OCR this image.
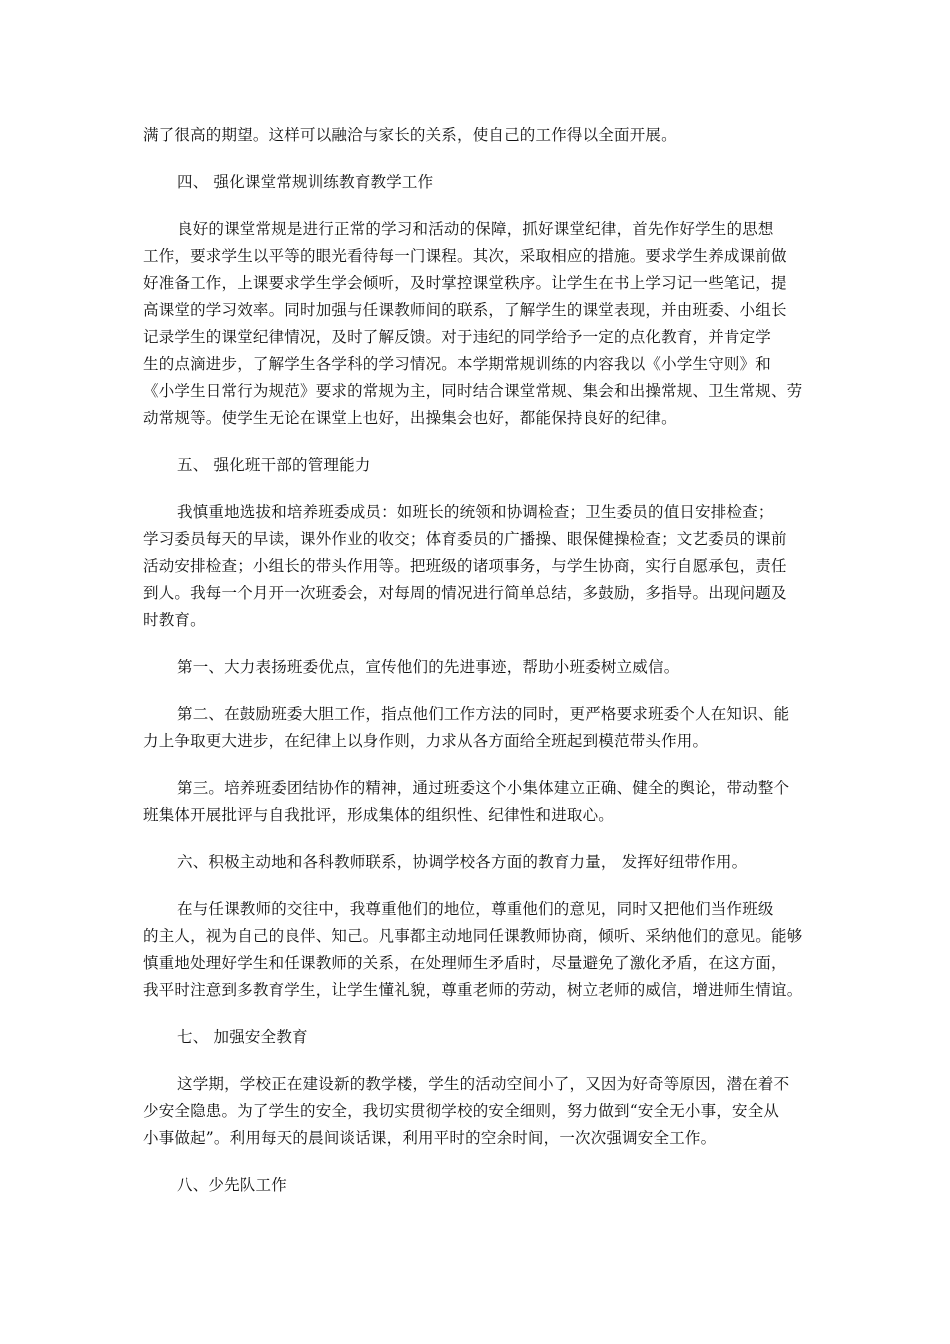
满了很高的期望。这样可以融洽与家长的关系，使自己的工作得以全面开展。
四、 强化课堂常规训练教育教学工作
良好的课堂常规是进行正常的学习和活动的保障，抓好课堂纪律，首先作好学生的思想
工作，要求学生以平等的眼光看待每一门课程。其次，采取相应的措施。要求学生养成课前做
好准备工作，上课要求学生学会倾听，及时掌控课堂秩序。让学生在书上学习记一些笔记，提
高课堂的学习效率。同时加强与任课教师间的联系，了解学生的课堂表现，并由班委、小组长
记录学生的课堂纪律情况，及时了解反馈。对于违纪的同学给予一定的点化教育，并肯定学
生的点滴进步，了解学生各学科的学习情况。本学期常规训练的内容我以《小学生守则》和
《小学生日常行为规范》要求的常规为主，同时结合课堂常规、集会和出操常规、卫生常规、劳
动常规等。使学生无论在课堂上也好，出操集会也好，都能保持良好的纪律。
五、 强化班干部的管理能力
我慎重地选拔和培养班委成员：如班长的统领和协调检查；卫生委员的值日安排检查；
学习委员每天的早读，课外作业的收交；体育委员的广播操、眼保健操检查；文艺委员的课前
活动安排检查；小组长的带头作用等。把班级的诸项事务，与学生协商，实行自愿承包，责任
到人。我每一个月开一次班委会，对每周的情况进行简单总结，多鼓励，多指导。出现问题及
时教育。
第一、大力表扬班委优点，宣传他们的先进事迹，帮助小班委树立威信。
第二、在鼓励班委大胆工作，指点他们工作方法的同时，更严格要求班委个人在知识、能
力上争取更大进步，在纪律上以身作则，力求从各方面给全班起到模范带头作用。
第三。培养班委团结协作的精神，通过班委这个小集体建立正确、健全的舆论，带动整个
班集体开展批评与自我批评，形成集体的组织性、纪律性和进取心。
六、积极主动地和各科教师联系，协调学校各方面的教育力量， 发挥好纽带作用。
在与任课教师的交往中，我尊重他们的地位，尊重他们的意见，同时又把他们当作班级
的主人，视为自己的良伴、知己。凡事都主动地同任课教师协商，倾听、采纳他们的意见。能够
慎重地处理好学生和任课教师的关系，在处理师生矛盾时，尽量避免了激化矛盾，在这方面，
我平时注意到多教育学生，让学生懂礼貌，尊重老师的劳动，树立老师的威信，增进师生情谊。
七、 加强安全教育
这学期，学校正在建设新的教学楼，学生的活动空间小了，又因为好奇等原因，潜在着不
少安全隐患。为了学生的安全，我切实贯彻学校的安全细则，努力做到“安全无小事，安全从
小事做起”。利用每天的晨间谈话课，利用平时的空余时间，一次次强调安全工作。
八、少先队工作
